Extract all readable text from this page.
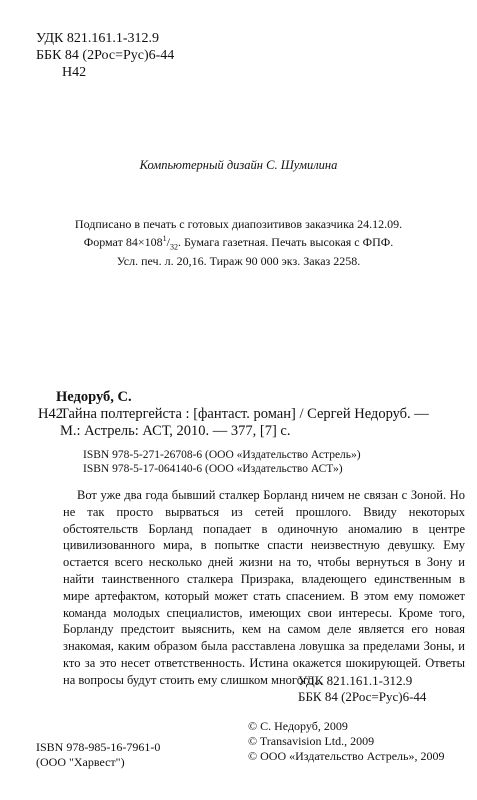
УДК 821.161.1-312.9
ББК 84 (2Рос=Рус)6-44
Н42
Компьютерный дизайн С. Шумилина
Подписано в печать с готовых диапозитивов заказчика 24.12.09.
Формат $84\times 108^1/_{32}$. Бумага газетная. Печать высокая с ФПФ.
Усл. печ. л. 20,16. Тираж 90 000 экз. Заказ 2258.
Недоруб, С.
Н42Тайна полтергейста : [фантаст. роман] / Сергей Недоруб. —
М.: Астрель: АСТ, 2010. — 377, [7] с.
ISBN 978-5-271-26708-6 (ООО «Издательство Астрель»)
ISBN 978-5-17-064140-6 (ООО «Издательство АСТ»)

Вот уже два года бывший сталкер Борланд ничем не связан с Зоной. Но не так просто вырваться из сетей прошлого. Ввиду некоторых обстоятельств Борланд попадает в одиночную аномалию в центре цивилизованного мира, в попытке спасти неизвестную девушку. Ему остается всего несколько дней жизни на то, чтобы вернуться в Зону и найти таинственного сталкера Призрака, владеющего единственным в мире артефактом, который может стать спасением. В этом ему поможет команда молодых специалистов, имеющих свои интересы. Кроме того, Борланду предстоит выяснить, кем на самом деле является его новая знакомая, каким образом была расставлена ловушка за пределами Зоны, и кто за это несет ответственность. Истина окажется шокирующей. Ответы на вопросы будут стоить ему слишком многого...

УДК 821.161.1-312.9
ББК 84 (2Рос=Рус)6-44
ISBN 978-985-16-7961-0
(ООО "Харвест")
© С. Недоруб, 2009
© Transavision Ltd., 2009
© ООО «Издательство Астрель», 2009
